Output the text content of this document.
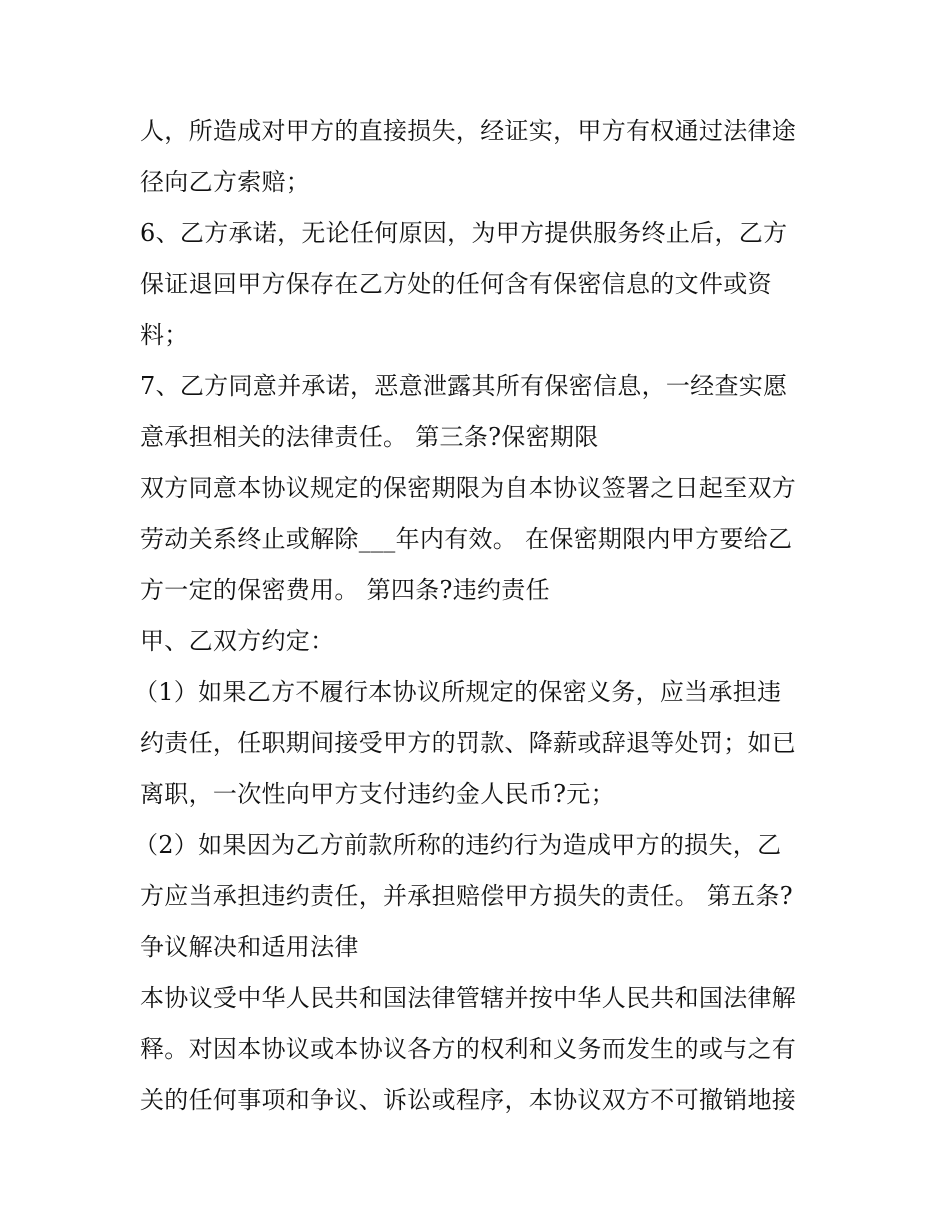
人，所造成对甲方的直接损失，经证实，甲方有权通过法律途
径向乙方索赔；
6、乙方承诺，无论任何原因，为甲方提供服务终止后，乙方
保证退回甲方保存在乙方处的任何含有保密信息的文件或资
料；
7、乙方同意并承诺，恶意泄露其所有保密信息，一经查实愿
意承担相关的法律责任。 第三条?保密期限
双方同意本协议规定的保密期限为自本协议签署之日起至双方
劳动关系终止或解除___年内有效。 在保密期限内甲方要给乙
方一定的保密费用。 第四条?违约责任
甲、乙双方约定：
（1）如果乙方不履行本协议所规定的保密义务，应当承担违
约责任，任职期间接受甲方的罚款、降薪或辞退等处罚；如已
离职，一次性向甲方支付违约金人民币?元；
（2）如果因为乙方前款所称的违约行为造成甲方的损失，乙
方应当承担违约责任，并承担赔偿甲方损失的责任。 第五条?
争议解决和适用法律
本协议受中华人民共和国法律管辖并按中华人民共和国法律解
释。对因本协议或本协议各方的权利和义务而发生的或与之有
关的任何事项和争议、诉讼或程序，本协议双方不可撤销地接
